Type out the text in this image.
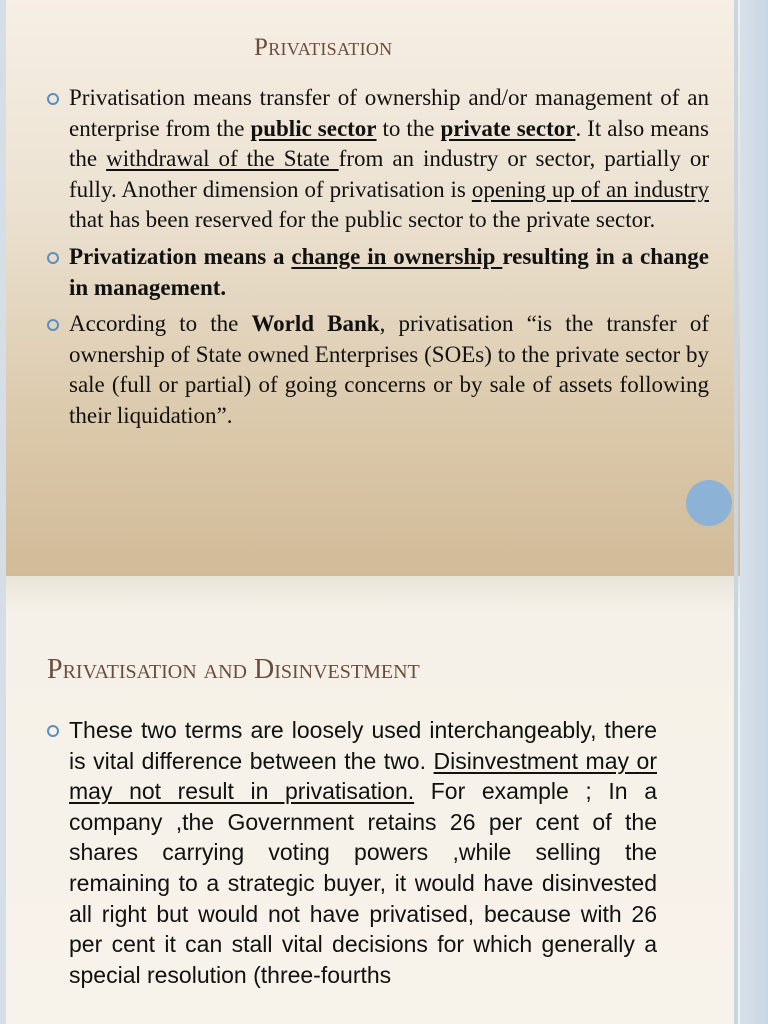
Privatisation
Privatisation means transfer of ownership and/or management of an enterprise from the public sector to the private sector. It also means the withdrawal of the State from an industry or sector, partially or fully. Another dimension of privatisation is opening up of an industry that has been reserved for the public sector to the private sector.
Privatization means a change in ownership resulting in a change in management.
According to the World Bank, privatisation “is the transfer of ownership of State owned Enterprises (SOEs) to the private sector by sale (full or partial) of going concerns or by sale of assets following their liquidation”.
Privatisation and Disinvestment
These two terms are loosely used interchangeably, there is vital difference between the two. Disinvestment may or may not result in privatisation. For example ; In a company ,the Government retains 26 per cent of the shares carrying voting powers ,while selling the remaining to a strategic buyer, it would have disinvested all right but would not have privatised, because with 26 per cent it can stall vital decisions for which generally a special resolution (three-fourths
